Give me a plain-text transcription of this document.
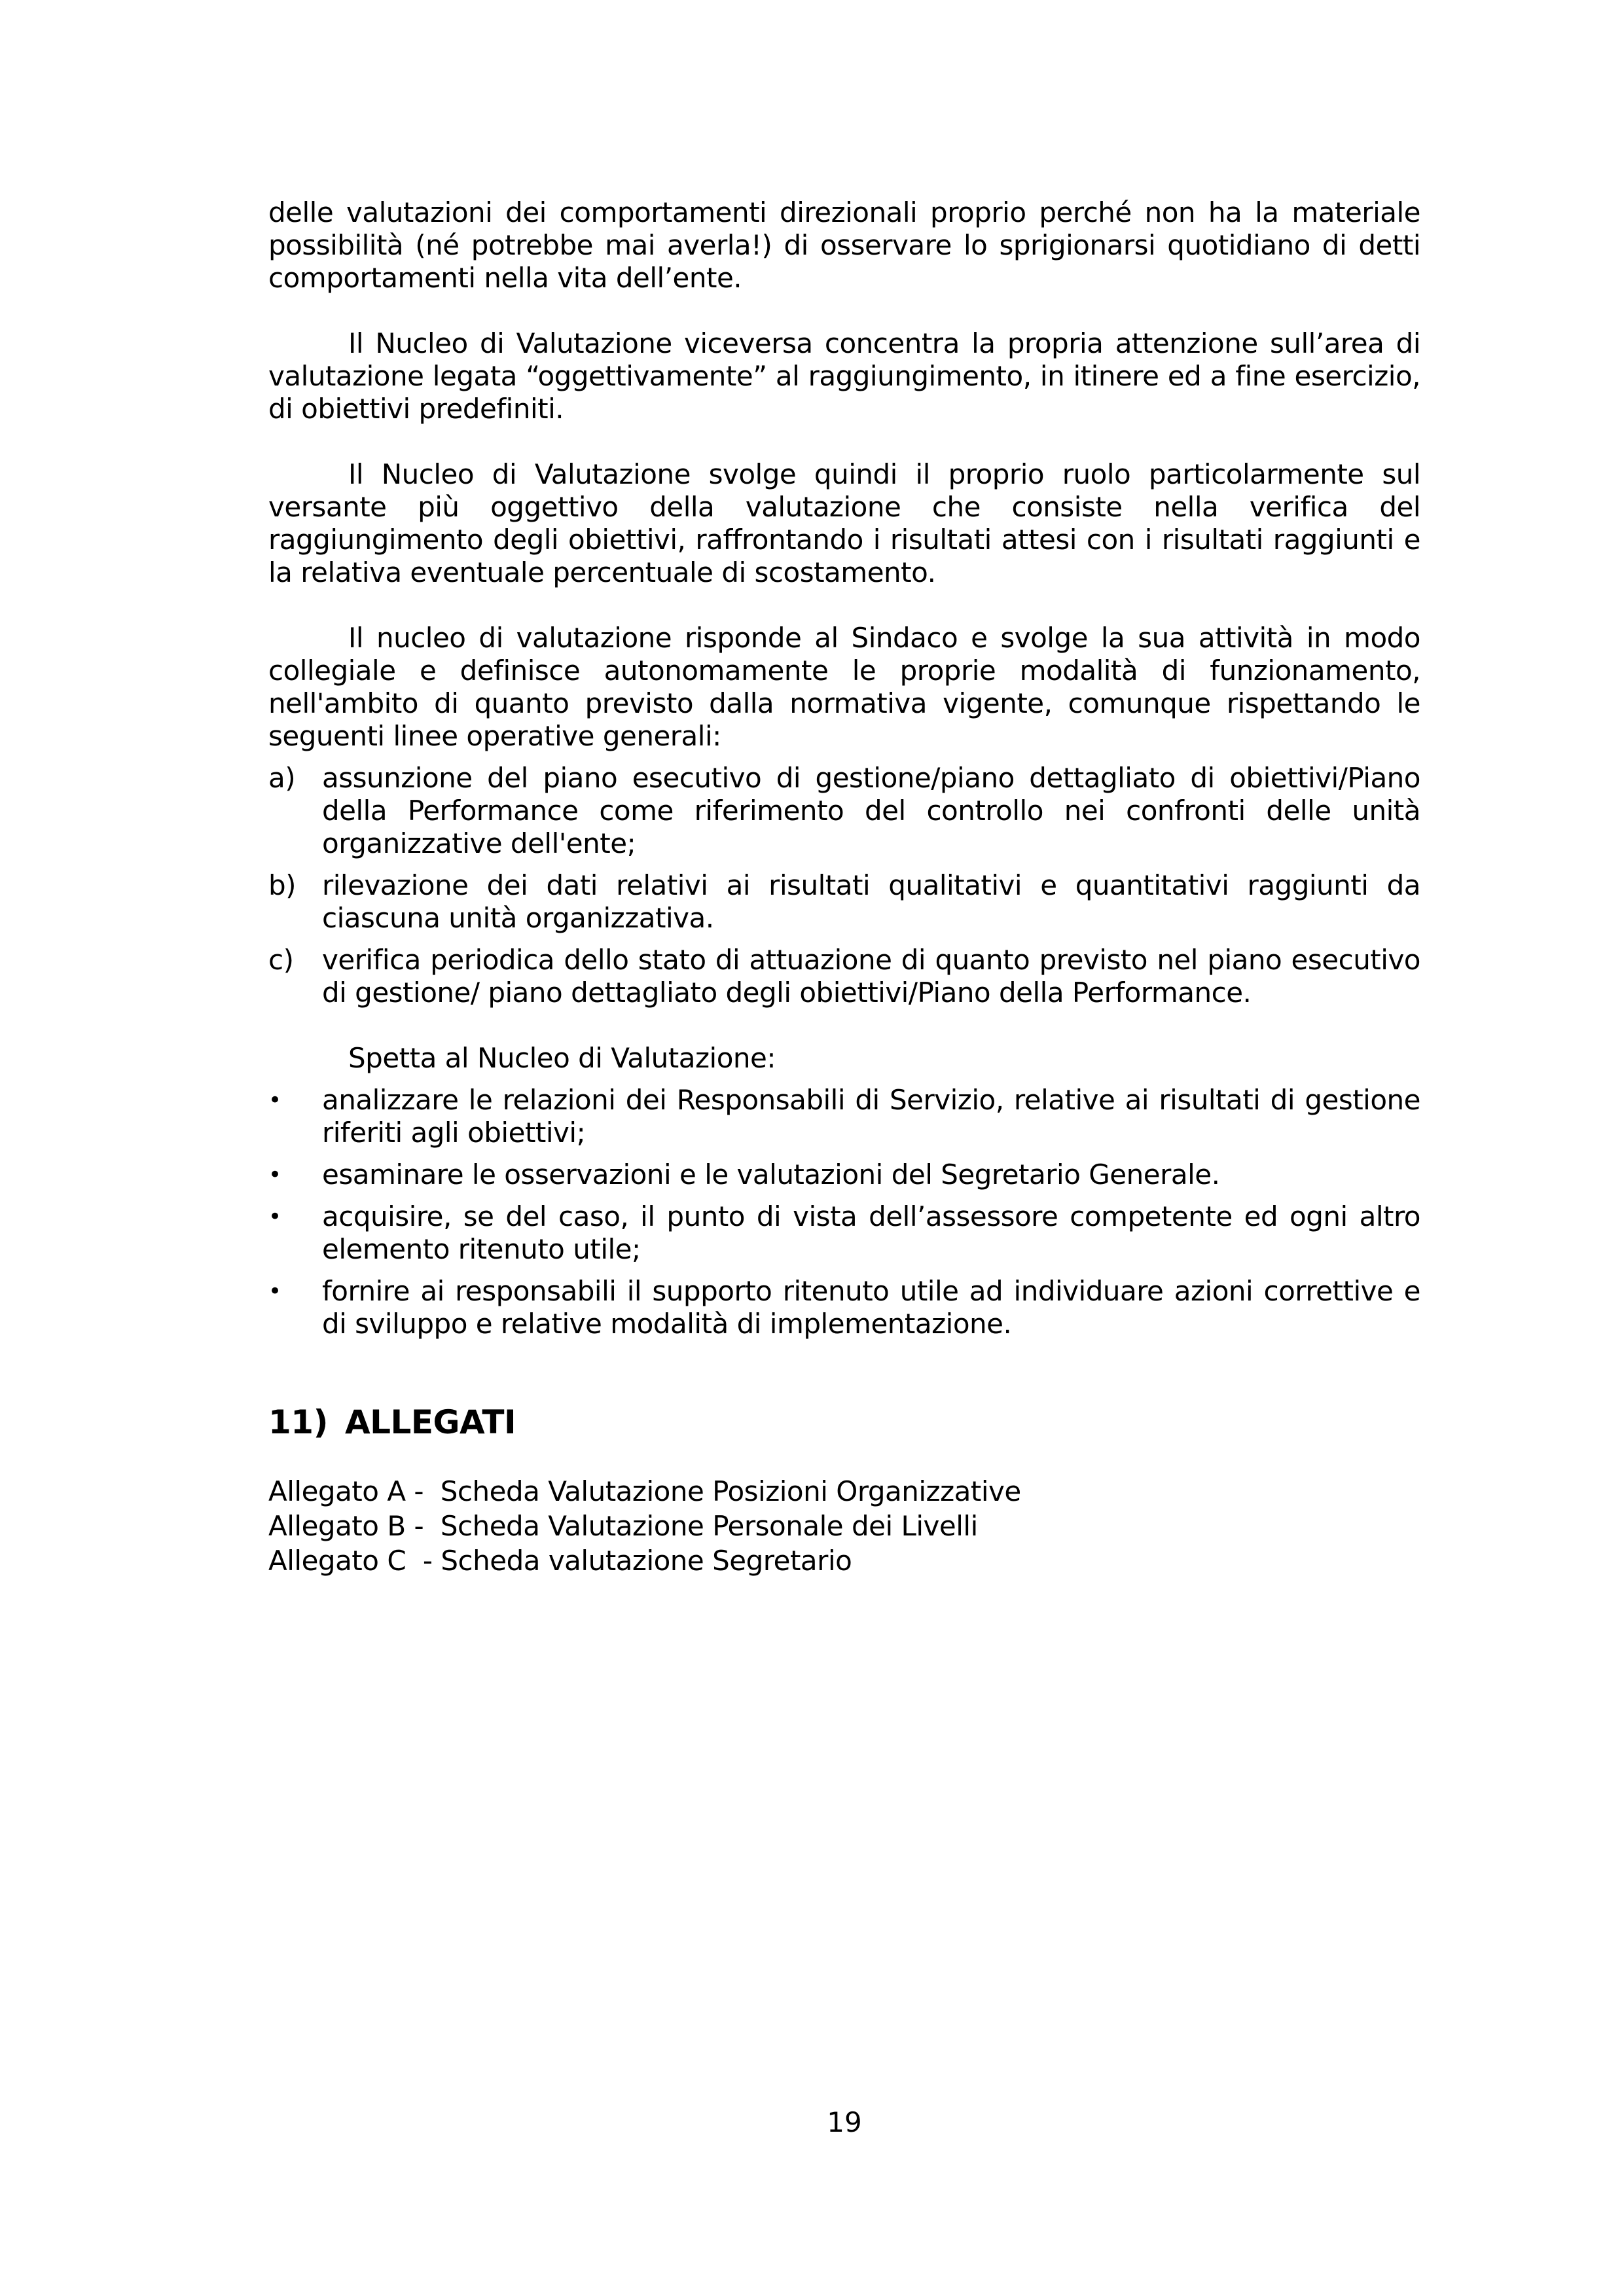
delle valutazioni dei comportamenti direzionali proprio perché non ha la materiale possibilità (né potrebbe mai averla!) di osservare lo sprigionarsi quotidiano di detti comportamenti nella vita dell’ente.

Il Nucleo di Valutazione viceversa concentra la propria attenzione sull’area di valutazione legata “oggettivamente” al raggiungimento, in itinere ed a fine esercizio, di obiettivi predefiniti.

Il Nucleo di Valutazione svolge quindi il proprio ruolo particolarmente sul versante più oggettivo della valutazione che consiste nella verifica del raggiungimento degli obiettivi, raffrontando i risultati attesi con i risultati raggiunti e la relativa eventuale percentuale di scostamento.

Il nucleo di valutazione risponde al Sindaco e svolge la sua attività in modo collegiale e definisce autonomamente le proprie modalità di funzionamento, nell'ambito di quanto previsto dalla normativa vigente, comunque rispettando le seguenti linee operative generali:

a) assunzione del piano esecutivo di gestione/piano dettagliato di obiettivi/Piano della Performance come riferimento del controllo nei confronti delle unità organizzative dell'ente;
b) rilevazione dei dati relativi ai risultati qualitativi e quantitativi raggiunti da ciascuna unità organizzativa.
c)	verifica periodica dello stato di attuazione di quanto previsto nel piano esecutivo di gestione/ piano dettagliato degli obiettivi/Piano della Performance.

Spetta al Nucleo di Valutazione:

•	analizzare le relazioni dei Responsabili di Servizio, relative ai risultati di gestione riferiti agli obiettivi;
•	esaminare le osservazioni e le valutazioni del Segretario Generale.
•	acquisire, se del caso, il punto di vista dell’assessore competente ed ogni altro elemento ritenuto utile;
•	fornire ai responsabili il supporto ritenuto utile ad individuare azioni correttive e di sviluppo e relative modalità di implementazione.
11) ALLEGATI
Allegato A -  Scheda Valutazione Posizioni Organizzative
Allegato B -  Scheda Valutazione Personale dei Livelli
Allegato C  - Scheda valutazione Segretario
19
